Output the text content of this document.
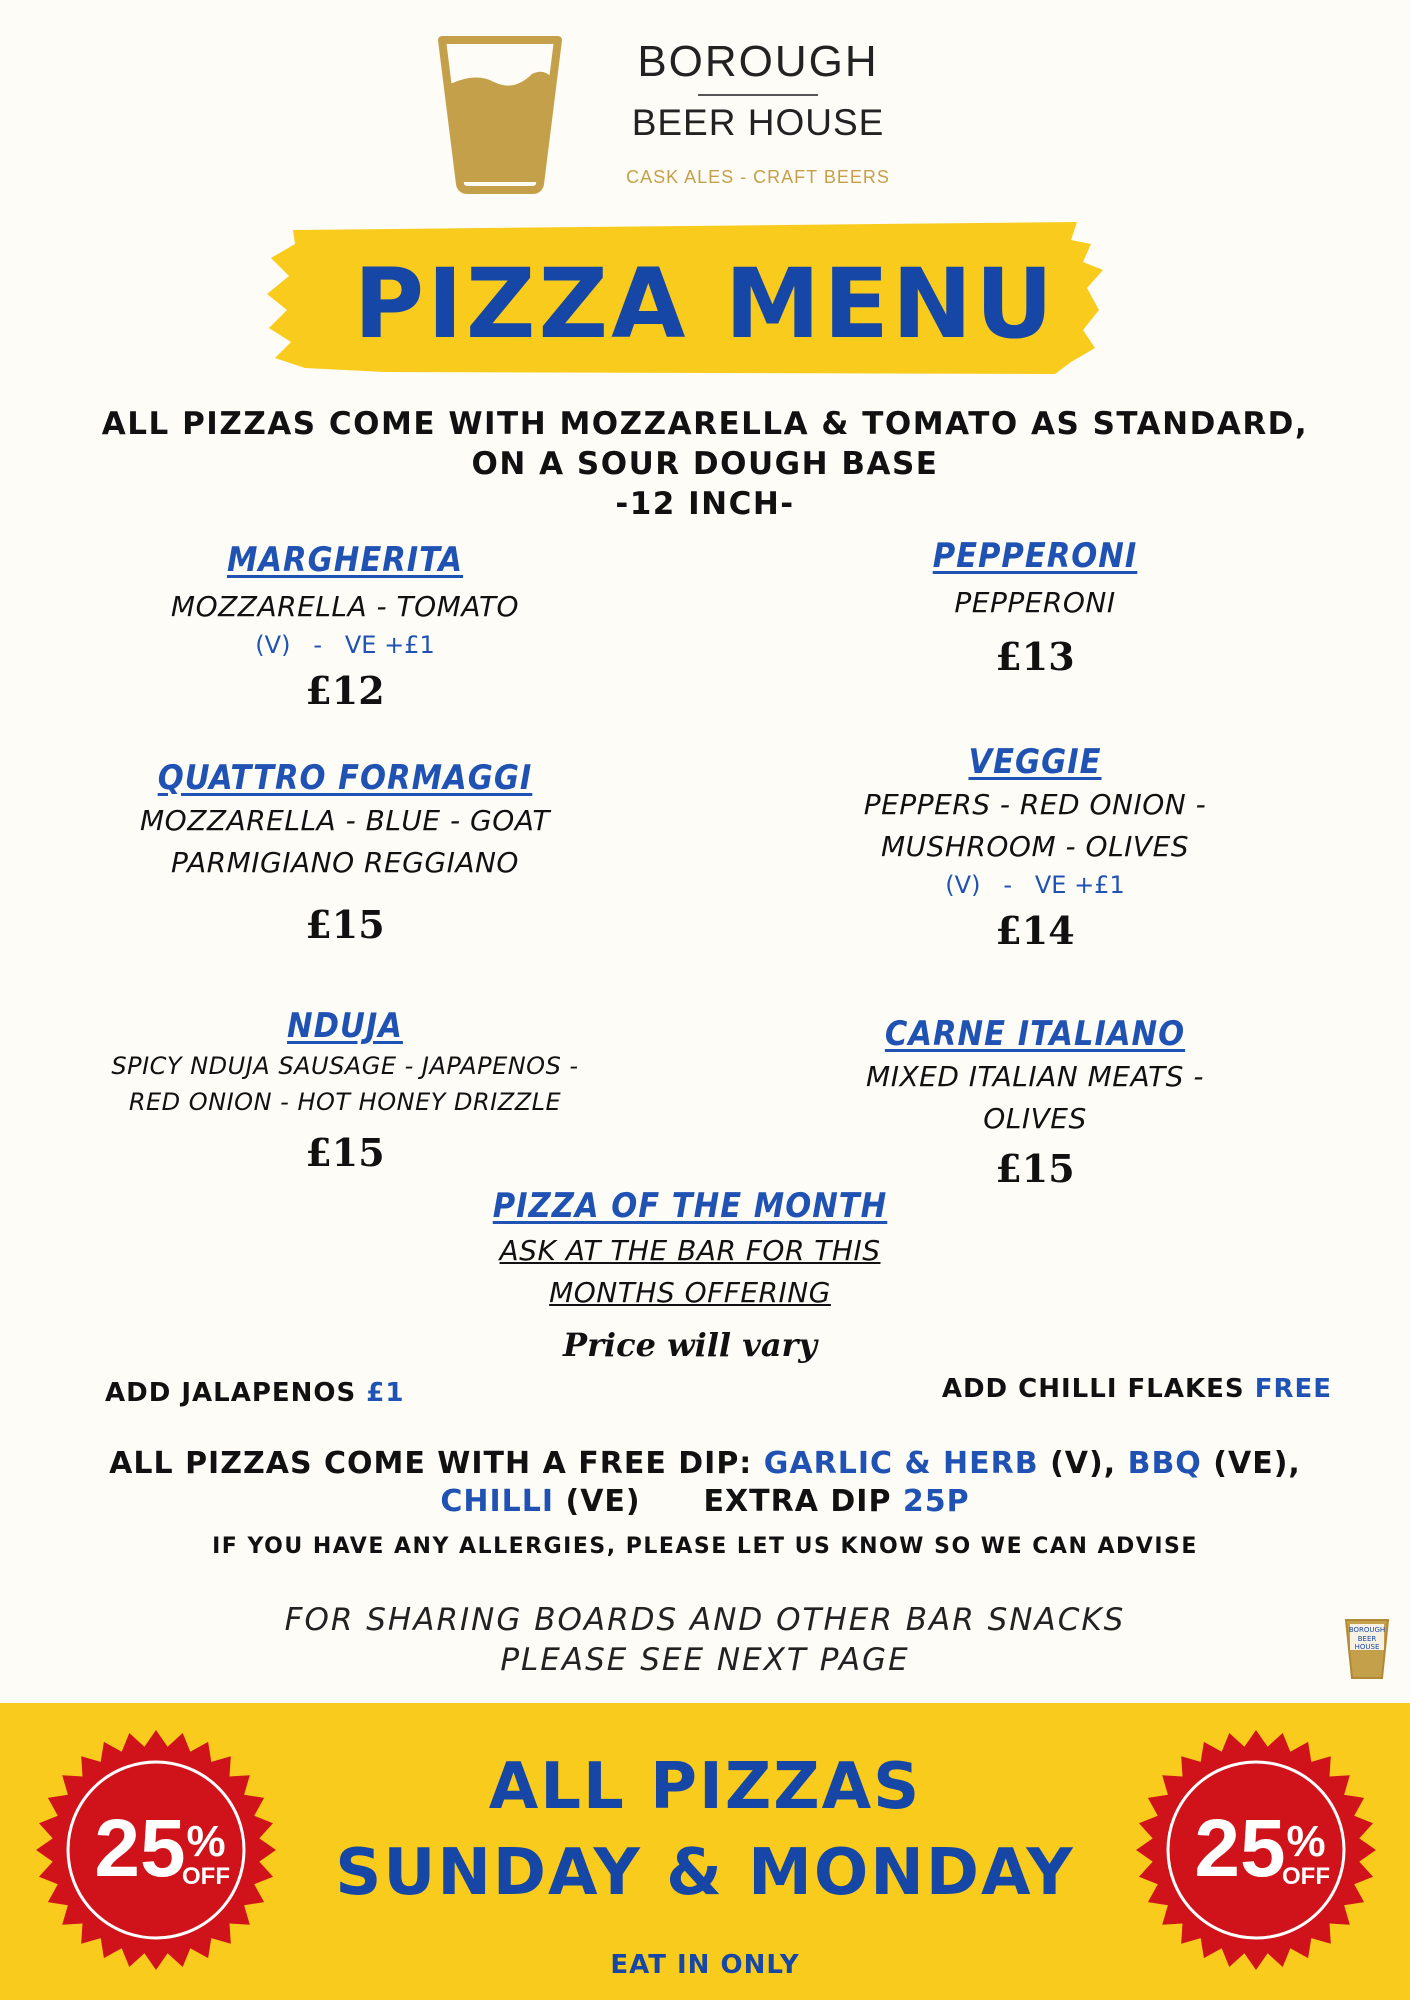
BOROUGH
BEER HOUSE
CASK ALES - CRAFT BEERS
PIZZA MENU
ALL PIZZAS COME WITH MOZZARELLA & TOMATO AS STANDARD,
ON A SOUR DOUGH BASE
-12 INCH-
MARGHERITA
MOZZARELLA - TOMATO
(V)   -   VE +£1
£12
PEPPERONI
PEPPERONI
£13
QUATTRO FORMAGGI
MOZZARELLA - BLUE - GOAT
PARMIGIANO REGGIANO
£15
VEGGIE
PEPPERS - RED ONION -
MUSHROOM - OLIVES
(V)   -   VE +£1
£14
NDUJA
SPICY NDUJA SAUSAGE - JAPAPENOS -
RED ONION - HOT HONEY DRIZZLE
£15
CARNE ITALIANO
MIXED ITALIAN MEATS -
OLIVES
£15
PIZZA OF THE MONTH
ASK AT THE BAR FOR THIS
MONTHS OFFERING
Price will vary
ADD JALAPENOS £1	ADD CHILLI FLAKES FREE
ALL PIZZAS COME WITH A FREE DIP: GARLIC & HERB (V), BBQ (VE),
CHILLI (VE) EXTRA DIP 25P
IF YOU HAVE ANY ALLERGIES, PLEASE LET US KNOW SO WE CAN ADVISE
FOR SHARING BOARDS AND OTHER BAR SNACKS
PLEASE SEE NEXT PAGE
BOROUGH
BEER
HOUSE
ALL PIZZAS
SUNDAY & MONDAY
EAT IN ONLY
25 %
OFF	25 %
OFF
